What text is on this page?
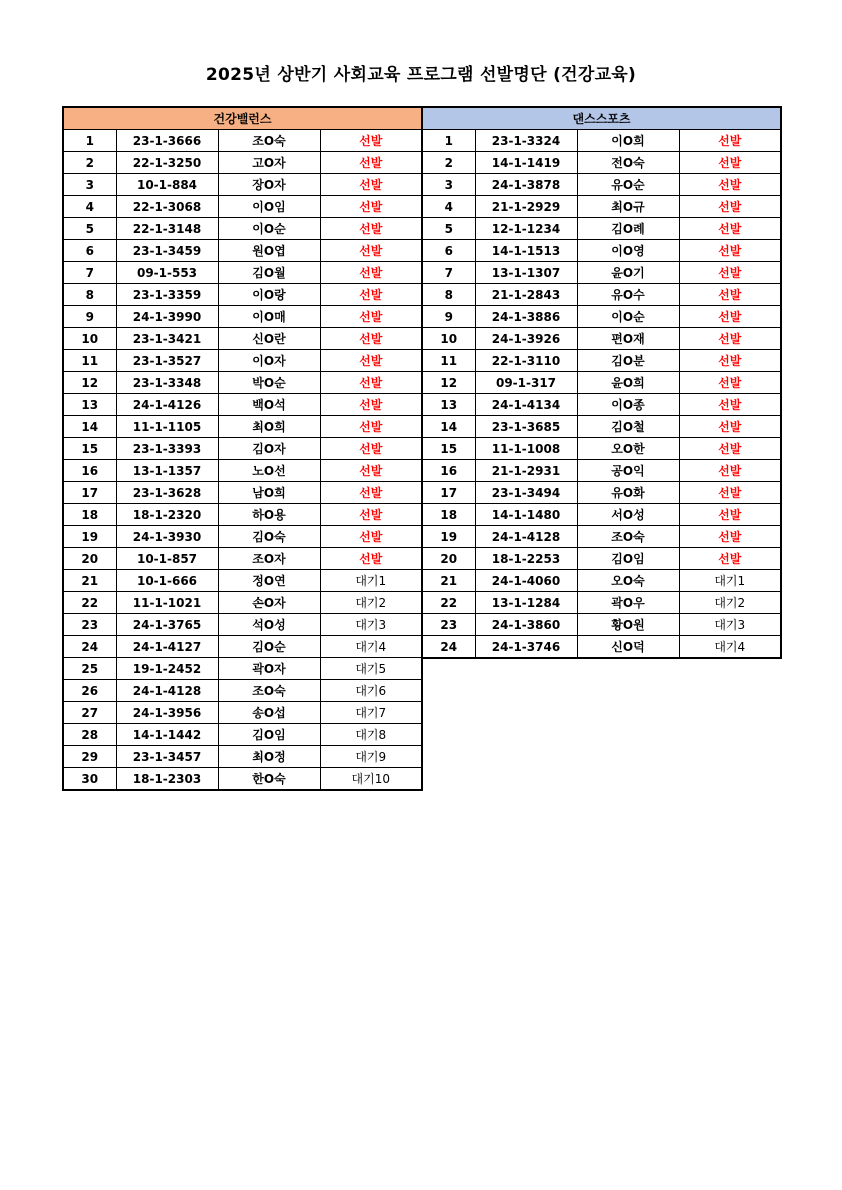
2025년 상반기 사회교육 프로그램 선발명단 (건강교육)
건강밸런스			
1	23-1-3666	조O숙	선발
2	22-1-3250	고O자	선발
3	10-1-884	장O자	선발
4	22-1-3068	이O임	선발
5	22-1-3148	이O순	선발
6	23-1-3459	원O엽	선발
7	09-1-553	김O월	선발
8	23-1-3359	이O랑	선발
9	24-1-3990	이O매	선발
10	23-1-3421	신O란	선발
11	23-1-3527	이O자	선발
12	23-1-3348	박O순	선발
13	24-1-4126	백O석	선발
14	11-1-1105	최O희	선발
15	23-1-3393	김O자	선발
16	13-1-1357	노O선	선발
17	23-1-3628	남O희	선발
18	18-1-2320	하O용	선발
19	24-1-3930	김O숙	선발
20	10-1-857	조O자	선발
21	10-1-666	정O연	대기1
22	11-1-1021	손O자	대기2
23	24-1-3765	석O성	대기3
24	24-1-4127	김O순	대기4
25	19-1-2452	곽O자	대기5
26	24-1-4128	조O숙	대기6
27	24-1-3956	송O섭	대기7
28	14-1-1442	김O임	대기8
29	23-1-3457	최O정	대기9
30	18-1-2303	한O숙	대기10
댄스스포츠			
1	23-1-3324	이O희	선발
2	14-1-1419	전O숙	선발
3	24-1-3878	유O순	선발
4	21-1-2929	최O규	선발
5	12-1-1234	김O례	선발
6	14-1-1513	이O영	선발
7	13-1-1307	윤O기	선발
8	21-1-2843	유O수	선발
9	24-1-3886	이O순	선발
10	24-1-3926	편O재	선발
11	22-1-3110	김O분	선발
12	09-1-317	윤O희	선발
13	24-1-4134	이O종	선발
14	23-1-3685	김O철	선발
15	11-1-1008	오O한	선발
16	21-1-2931	공O익	선발
17	23-1-3494	유O화	선발
18	14-1-1480	서O성	선발
19	24-1-4128	조O숙	선발
20	18-1-2253	김O임	선발
21	24-1-4060	오O숙	대기1
22	13-1-1284	곽O우	대기2
23	24-1-3860	황O원	대기3
24	24-1-3746	신O덕	대기4
